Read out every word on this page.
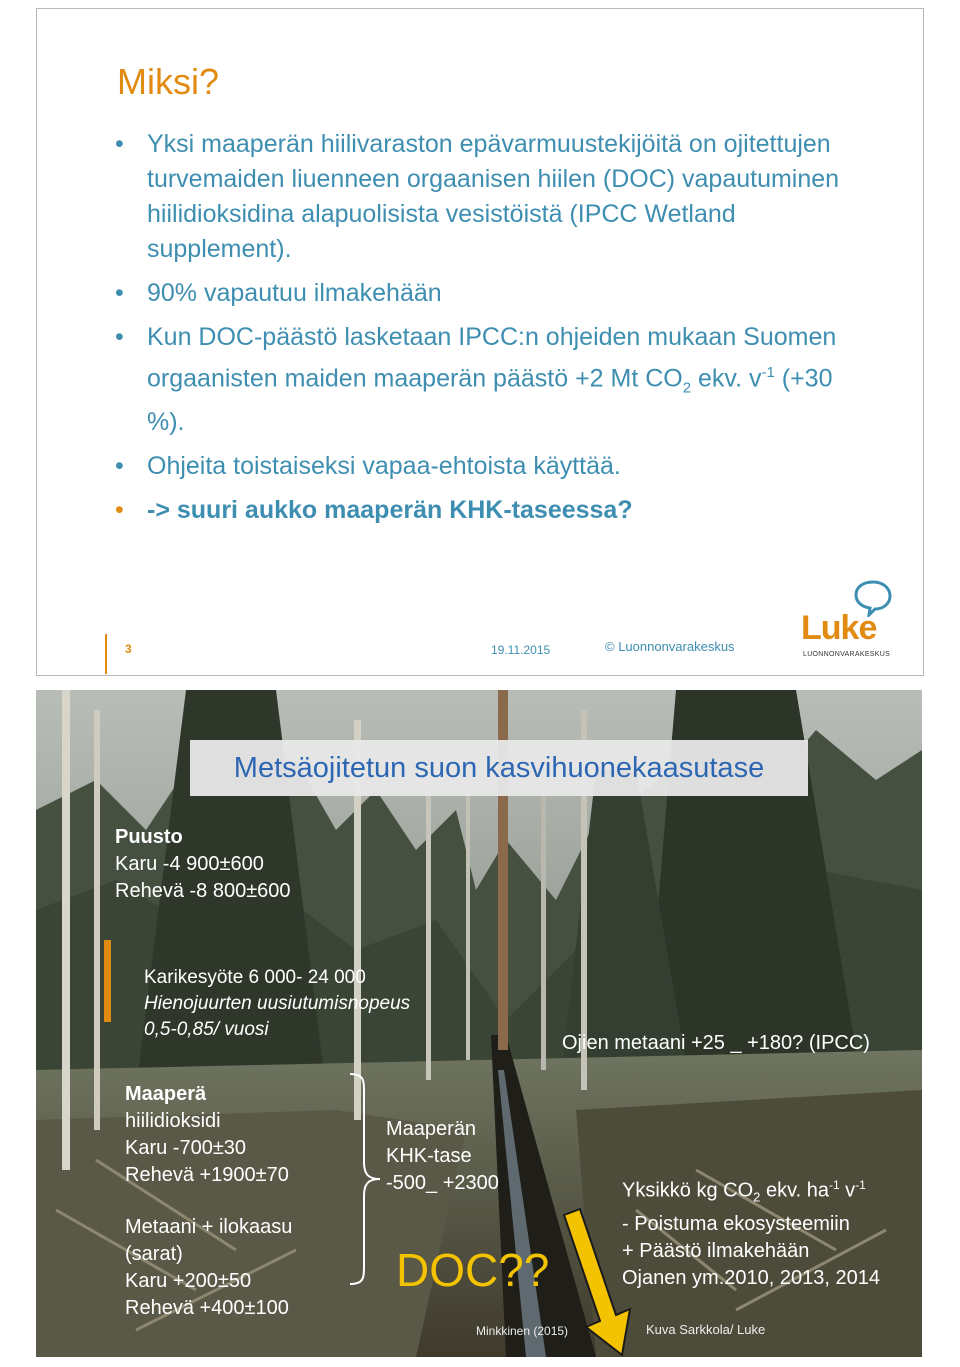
Miksi?
• Yksi maaperän hiilivaraston epävarmuustekijöitä on ojitettujen turvemaiden liuenneen orgaanisen hiilen (DOC) vapautuminen hiilidioksidina alapuolisista vesistöistä (IPCC Wetland supplement).
• 90% vapautuu ilmakehään
• Kun DOC-päästö lasketaan IPCC:n ohjeiden mukaan Suomen orgaanisten maiden maaperän päästö +2 Mt $CO_2$ ekv. $v^{-1}$ (+30 %).
• Ohjeita toistaiseksi vapaa-ehtoista käyttää.
• -> suuri aukko maaperän KHK-taseessa?
3	19.11.2015	© Luonnonvarakeskus Luke
LUONNONVARAKESKUS
Metsäojitetun suon kasvihuonekaasutase
Puusto
Karu -4 900±600
Rehevä -8 800±600
Karikesyöte 6 000- 24 000
Hienojuurten uusiutumisnopeus
0,5-0,85/ vuosi
Ojien metaani +25 _ +180? (IPCC)
Maaperä
hiilidioksidi
Karu -700±30
Rehevä +1900±70
Metaani + ilokaasu
(sarat)
Karu +200±50
Rehevä +400±100
Maaperän
KHK-tase
-500_ +2300
DOC??
Yksikkö kg $CO_2$ ekv. $ha^{-1}$ $v^{-1}$
- Poistuma ekosysteemiin
+ Päästö ilmakehään
Ojanen ym.2010, 2013, 2014
Minkkinen (2015)	Kuva Sarkkola/ Luke
